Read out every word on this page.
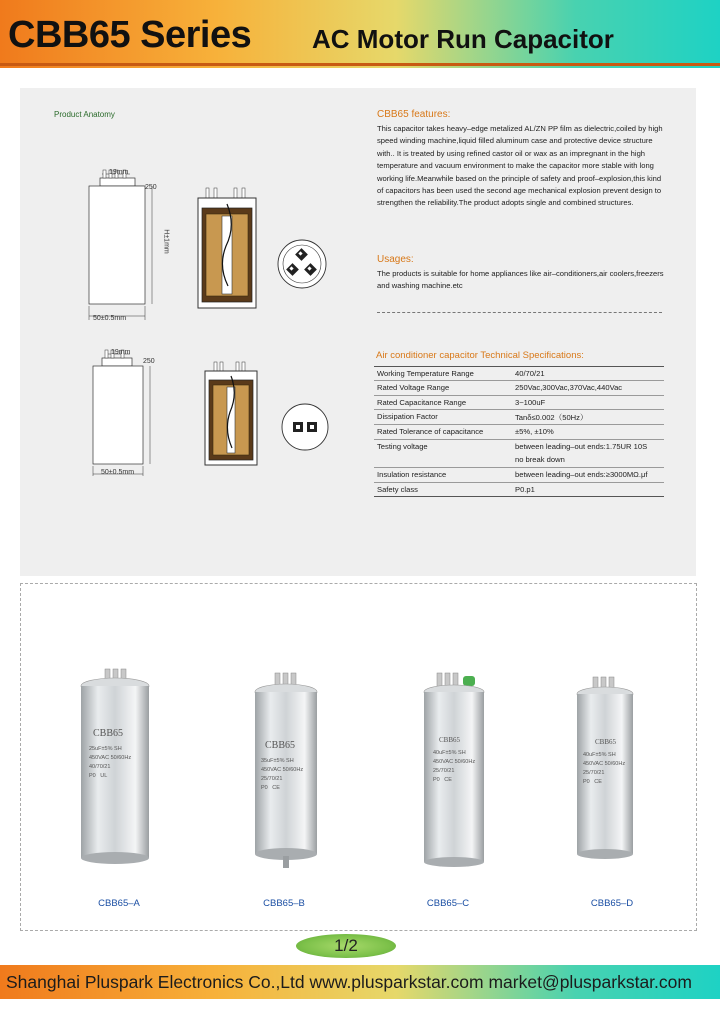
CBB65 Series AC Motor Run Capacitor
Product Anatomy
19mm
250
H±1mm
50±0.5mm
19mm
250
50±0.5mm
CBB65 features:
This capacitor takes heavy–edge metalized AL/ZN PP film as dielectric,coiled by high speed winding machine,liquid filled aluminum case and protective device structure with.. It is treated by using refined castor oil or wax as an impregnant in the high temperature and vacuum environment to make the capacitor more stable with long working life.Meanwhile based on the principle of safety and proof–explosion,this kind of capacitors has been used the second age mechanical explosion prevent design to strengthen the reliability.The product adopts single and combined structures.
Usages:
The products is suitable for home appliances like air–conditioners,air coolers,freezers and washing machine.etc
Air conditioner capacitor Technical Specifications:
Working Temperature Range	40/70/21
Rated Voltage Range	250Vac,300Vac,370Vac,440Vac
Rated Capacitance Range	3~100uF
Dissipation Factor	Tanδ≤0.002（50Hz）
Rated Tolerance of capacitance	±5%, ±10%
Testing voltage	between leading–out ends:1.75UR 10S
	no break down
Insulation resistance	between leading–out ends:≥3000MΩ.μf
Safety class	P0.p1
CBB65
25uF±5% SH
450VAC 50/60Hz
40/70/21
P0   UL
CBB65–A
CBB65
35uF±5% SH
450VAC 50/60Hz
25/70/21
P0   CE
CBB65–B
CBB65
40uF±5% SH
450VAC 50/60Hz
25/70/21
P0   CE
CBB65–C
CBB65
40uF±5% SH
450VAC 50/60Hz
25/70/21
P0   CE
CBB65–D
1/2
Shanghai Pluspark Electronics Co.,Ltd www.plusparkstar.com market@plusparkstar.com
